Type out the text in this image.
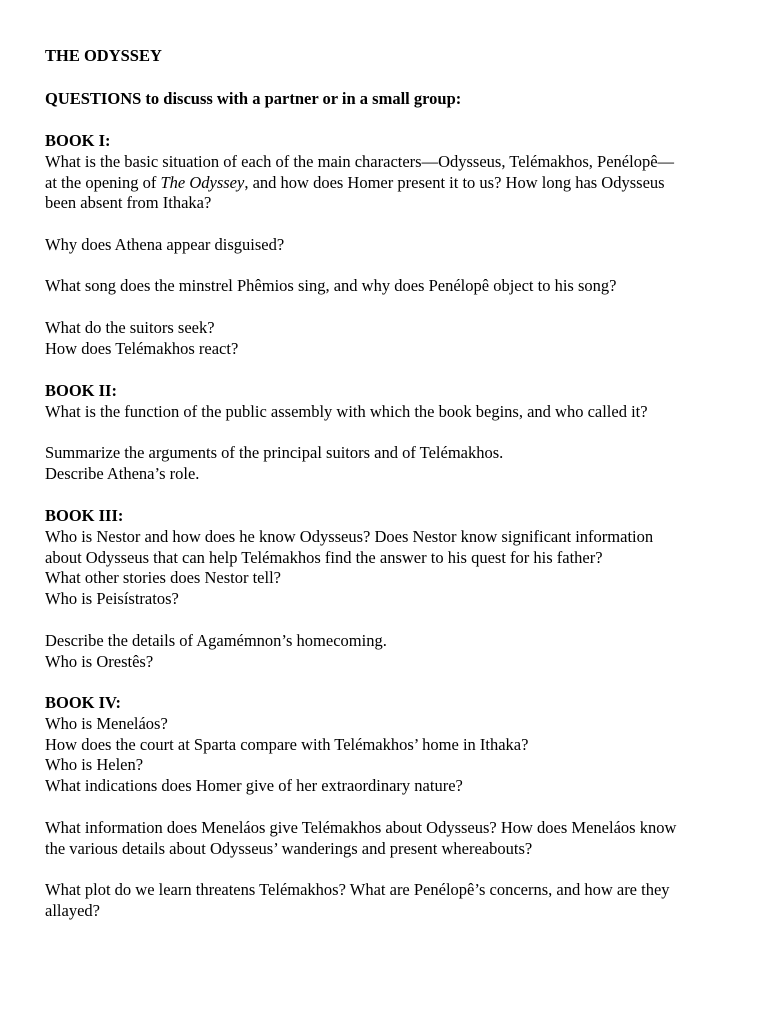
THE ODYSSEY

QUESTIONS to discuss with a partner or in a small group:

BOOK I:
What is the basic situation of each of the main characters—Odysseus, Telémakhos, Penélopê—
at the opening of The Odyssey, and how does Homer present it to us? How long has Odysseus
been absent from Ithaka?

Why does Athena appear disguised?

What song does the minstrel Phêmios sing, and why does Penélopê object to his song?

What do the suitors seek?
How does Telémakhos react?
BOOK II:
What is the function of the public assembly with which the book begins, and who called it?
Summarize the arguments of the principal suitors and of Telémakhos.
Describe Athena’s role.
BOOK III:
Who is Nestor and how does he know Odysseus? Does Nestor know significant information
about Odysseus that can help Telémakhos find the answer to his quest for his father?
What other stories does Nestor tell?
Who is Peisístratos?
Describe the details of Agamémnon’s homecoming.
Who is Orestês?
BOOK IV:
Who is Meneláos?
How does the court at Sparta compare with Telémakhos’ home in Ithaka?
Who is Helen?
What indications does Homer give of her extraordinary nature?
What information does Meneláos give Telémakhos about Odysseus? How does Meneláos know
the various details about Odysseus’ wanderings and present whereabouts?
What plot do we learn threatens Telémakhos? What are Penélopê’s concerns, and how are they
allayed?
